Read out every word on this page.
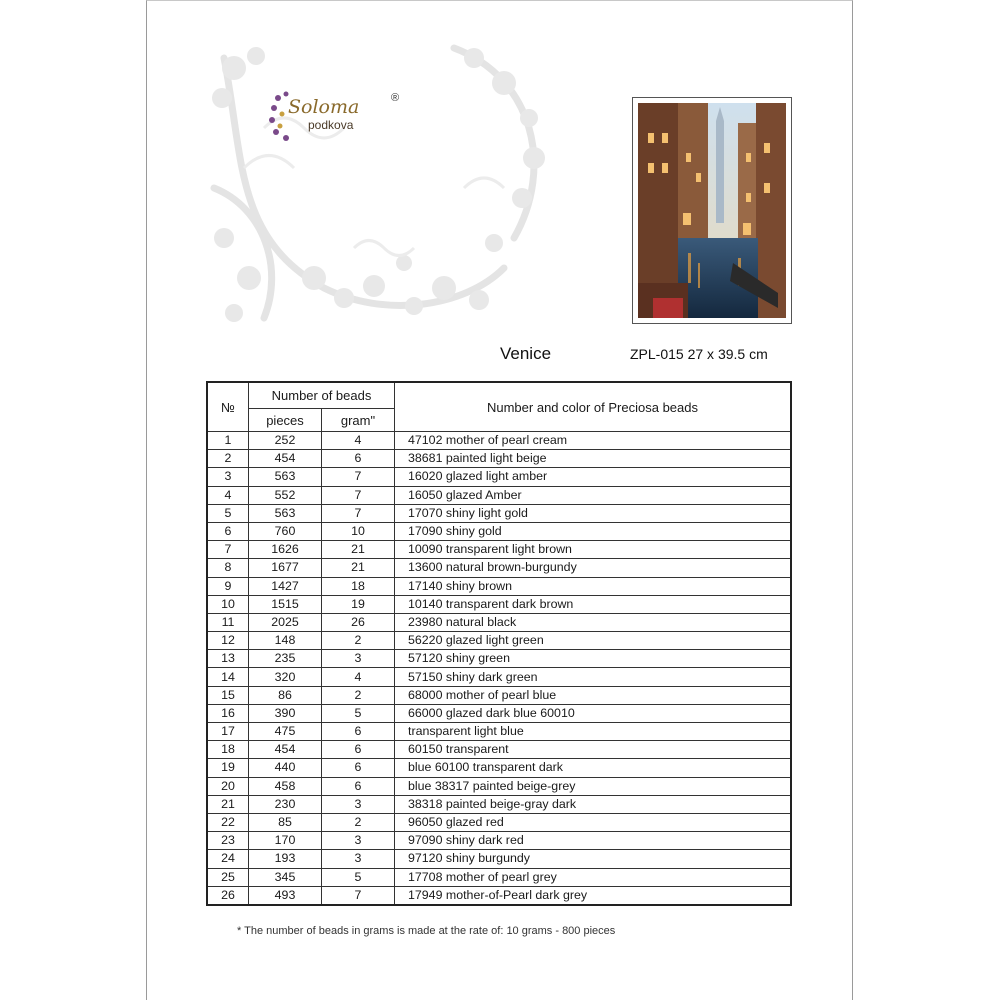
Soloma
podkova
®
Venice	ZPL-015 27 x 39.5 cm
№	Number of beads		Number and color of Preciosa beads
	pieces	gram"	
1	252	4	47102 mother of pearl cream
2	454	6	38681 painted light beige
3	563	7	16020 glazed light amber
4	552	7	16050 glazed Amber
5	563	7	17070 shiny light gold
6	760	10	17090 shiny gold
7	1626	21	10090 transparent light brown
8	1677	21	13600 natural brown-burgundy
9	1427	18	17140 shiny brown
10	1515	19	10140 transparent dark brown
11	2025	26	23980 natural black
12	148	2	56220 glazed light green
13	235	3	57120 shiny green
14	320	4	57150 shiny dark green
15	86	2	68000 mother of pearl blue
16	390	5	66000 glazed dark blue 60010
17	475	6	transparent light blue
18	454	6	60150 transparent
19	440	6	blue 60100 transparent dark
20	458	6	blue 38317 painted beige-grey
21	230	3	38318 painted beige-gray dark
22	85	2	96050 glazed red
23	170	3	97090 shiny dark red
24	193	3	97120 shiny burgundy
25	345	5	17708 mother of pearl grey
26	493	7	17949 mother-of-Pearl dark grey
* The number of beads in grams is made at the rate of: 10 grams - 800 pieces
